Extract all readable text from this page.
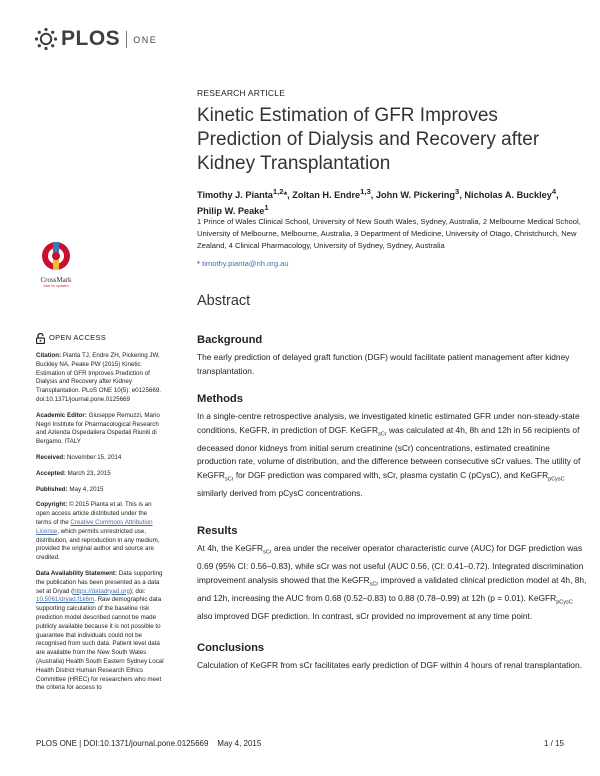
PLOS ONE
RESEARCH ARTICLE
Kinetic Estimation of GFR Improves Prediction of Dialysis and Recovery after Kidney Transplantation
Timothy J. Pianta$^{1,2}$*, Zoltan H. Endre$^{1,3}$, John W. Pickering$^3$, Nicholas A. Buckley$^4$,
Philip W. Peake$^1$
1 Prince of Wales Clinical School, University of New South Wales, Sydney, Australia, 2 Melbourne Medical School, University of Melbourne, Melbourne, Australia, 3 Department of Medicine, University of Otago, Christchurch, New Zealand, 4 Clinical Pharmacology, University of Sydney, Sydney, Australia
* timothy.pianta@nh.org.au
CrossMark
click for updates
Abstract
Background
The early prediction of delayed graft function (DGF) would facilitate patient management after kidney transplantation.
Methods
In a single-centre retrospective analysis, we investigated kinetic estimated GFR under non-steady-state conditions, KeGFR, in prediction of DGF. KeGFR$_{sCr}$ was calculated at 4h, 8h and 12h in 56 recipients of deceased donor kidneys from initial serum creatinine (sCr) concentrations, estimated creatinine production rate, volume of distribution, and the difference between consecutive sCr values. The utility of KeGFR$_{sCr}$ for DGF prediction was compared with, sCr, plasma cystatin C (pCysC), and KeGFR$_{pCysC}$ similarly derived from pCysC concentrations.
Results
At 4h, the KeGFR$_{sCr}$ area under the receiver operator characteristic curve (AUC) for DGF prediction was 0.69 (95% CI: 0.56–0.83), while sCr was not useful (AUC 0.56, (CI: 0.41–0.72). Integrated discrimination improvement analysis showed that the KeGFR$_{sCr}$ improved a validated clinical prediction model at 4h, 8h, and 12h, increasing the AUC from 0.68 (0.52–0.83) to 0.88 (0.78–0.99) at 12h (p = 0.01). KeGFR$_{pCysC}$ also improved DGF prediction. In contrast, sCr provided no improvement at any time point.
Conclusions
Calculation of KeGFR from sCr facilitates early prediction of DGF within 4 hours of renal transplantation.
OPEN ACCESS
Citation: Pianta TJ, Endre ZH, Pickering JW, Buckley NA, Peake PW (2015) Kinetic Estimation of GFR Improves Prediction of Dialysis and Recovery after Kidney Transplantation. PLoS ONE 10(5): e0125669. doi:10.1371/journal.pone.0125669
Academic Editor: Giuseppe Remuzzi, Mario Negri Institute for Pharmacological Research and Azienda Ospedaliera Ospedali Riuniti di Bergamo, ITALY
Received: November 15, 2014
Accepted: March 23, 2015
Published: May 4, 2015
Copyright: © 2015 Pianta et al. This is an open access article distributed under the terms of the Creative Commons Attribution License, which permits unrestricted use, distribution, and reproduction in any medium, provided the original author and source are credited.
Data Availability Statement: Data supporting the publication has been presented as a data set at Dryad (https://datadryad.org); doi: 10.5061/dryad.f1k6m. Raw demographic data supporting calculation of the baseline risk prediction model described cannot be made publicly available because it is not possible to guarantee that individuals could not be recognised from such data. Patient level data are available from the New South Wales (Australia) Health South Eastern Sydney Local Health District Human Research Ethics Committee (HREC) for researchers who meet the criteria for access to
PLOS ONE | DOI:10.1371/journal.pone.0125669    May 4, 2015	1 / 15
